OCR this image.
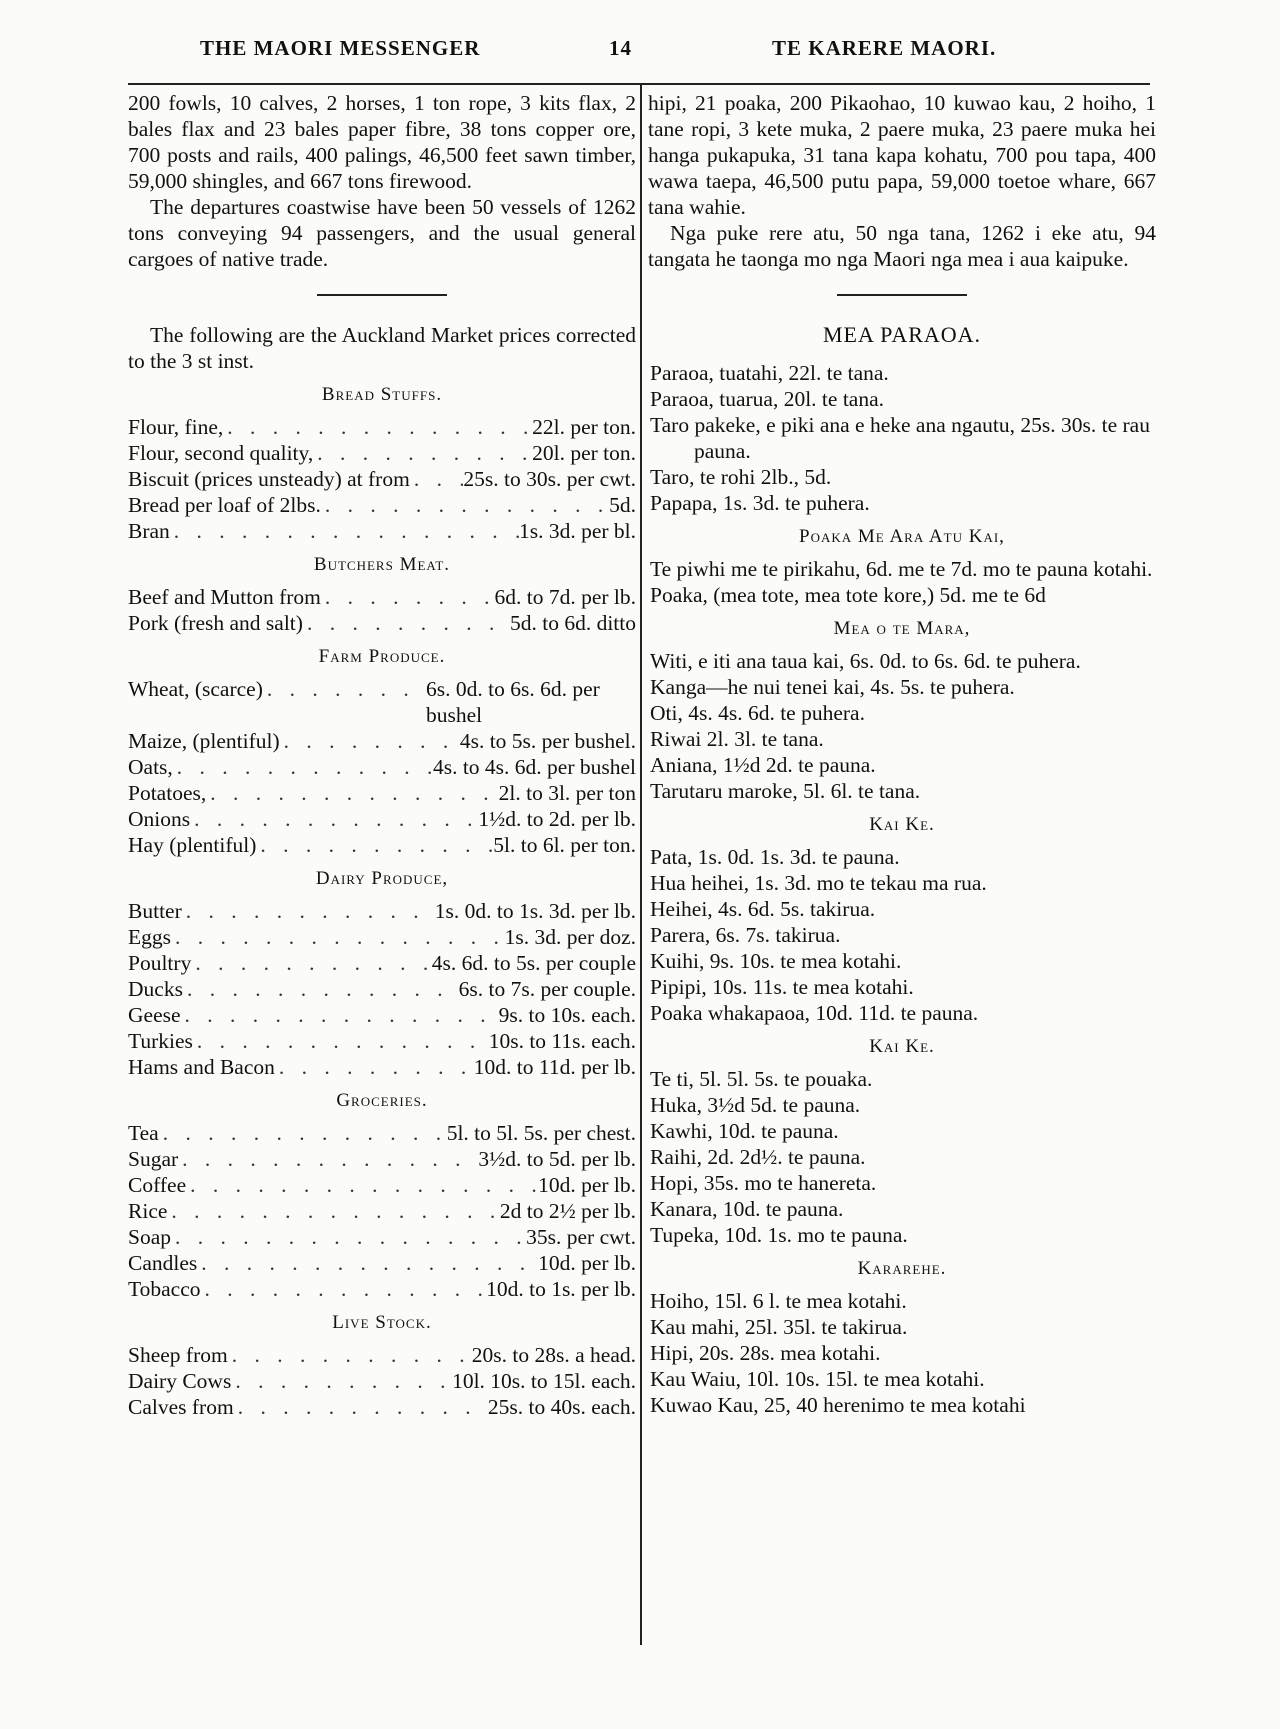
THE MAORI MESSENGER	14	TE KARERE MAORI.

200 fowls, 10 calves, 2 horses, 1 ton rope, 3 kits flax, 2 bales flax and 23 bales paper fibre, 38 tons copper ore, 700 posts and rails, 400 palings, 46,500 feet sawn timber, 59,000 shingles, and 667 tons firewood.

The departures coastwise have been 50 vessels of 1262 tons conveying 94 passengers, and the usual general cargoes of native trade.

The following are the Auckland Market prices corrected to the 3 st inst.

Bread Stuffs.
Flour, fine, . . .	22l. per ton.
Flour, second quality, . . .	20l. per ton.
Biscuit (prices unsteady) at from . . . 25s. to 30s. per cwt.
Bread per loaf of 2lbs. . . .	5d.
Bran . . .	1s. 3d. per bl.
Butchers Meat.
Beef and Mutton from . . .	6d. to 7d. per lb.
Pork (fresh and salt) . . .	5d. to 6d. ditto
Farm Produce.
Wheat, (scarce) . . .	6s. 0d. to 6s. 6d. per bushel
Maize, (plentiful) . . .	4s. to 5s. per bushel.
Oats, . . .	4s. to 4s. 6d. per bushel
Potatoes, . . .	2l. to 3l. per ton
Onions . . .	1½d. to 2d. per lb.
Hay (plentiful) . . .	5l. to 6l. per ton.
Dairy Produce,
Butter . . .	1s. 0d. to 1s. 3d. per lb.
Eggs . . .	1s. 3d. per doz.
Poultry . . .	4s. 6d. to 5s. per couple
Ducks . . .	6s. to 7s. per couple.
Geese . . .	9s. to 10s. each.
Turkies . . .	10s. to 11s. each.
Hams and Bacon . . .	10d. to 11d. per lb.
Groceries.
Tea . . .	5l. to 5l. 5s. per chest.
Sugar . . .	3½d. to 5d. per lb.
Coffee . . .	10d. per lb.
Rice . . .	2d to 2½ per lb.
Soap . . .	35s. per cwt.
Candles . . .	10d. per lb.
Tobacco . . .	10d. to 1s. per lb.
Live Stock.
Sheep from . . .	20s. to 28s. a head.
Dairy Cows . . .	10l. 10s. to 15l. each.
Calves from . . .	25s. to 40s. each.

hipi, 21 poaka, 200 Pikaohao, 10 kuwao kau, 2 hoiho, 1 tane ropi, 3 kete muka, 2 paere muka, 23 paere muka hei hanga pukapuka, 31 tana kapa kohatu, 700 pou tapa, 400 wawa taepa, 46,500 putu papa, 59,000 toetoe whare, 667 tana wahie.

Nga puke rere atu, 50 nga tana, 1262 i eke atu, 94 tangata he taonga mo nga Maori nga mea i aua kaipuke.

MEA PARAOA.

Paraoa, tuatahi, 22l. te tana.

Paraoa, tuarua, 20l. te tana.

Taro pakeke, e piki ana e heke ana ngautu, 25s. 30s. te rau pauna.

Taro, te rohi 2lb., 5d.

Papapa, 1s. 3d. te puhera.

Poaka Me Ara Atu Kai,

Te piwhi me te pirikahu, 6d. me te 7d. mo te pauna kotahi.

Poaka, (mea tote, mea tote kore,) 5d. me te 6d

Mea o te Mara,

Witi, e iti ana taua kai, 6s. 0d. to 6s. 6d. te puhera.

Kanga—he nui tenei kai, 4s. 5s. te puhera.

Oti, 4s. 4s. 6d. te puhera.

Riwai 2l. 3l. te tana.

Aniana, 1½d 2d. te pauna.

Tarutaru maroke, 5l. 6l. te tana.

Kai Ke.

Pata, 1s. 0d. 1s. 3d. te pauna.

Hua heihei, 1s. 3d. mo te tekau ma rua.

Heihei, 4s. 6d. 5s. takirua.

Parera, 6s. 7s. takirua.

Kuihi, 9s. 10s. te mea kotahi.

Pipipi, 10s. 11s. te mea kotahi.

Poaka whakapaoa, 10d. 11d. te pauna.

Kai Ke.

Te ti, 5l. 5l. 5s. te pouaka.

Huka, 3½d 5d. te pauna.

Kawhi, 10d. te pauna.

Raihi, 2d. 2d½. te pauna.

Hopi, 35s. mo te hanereta.

Kanara, 10d. te pauna.

Tupeka, 10d. 1s. mo te pauna.

Kararehe.

Hoiho, 15l. 6 l. te mea kotahi.

Kau mahi, 25l. 35l. te takirua.

Hipi, 20s. 28s. mea kotahi.

Kau Waiu, 10l. 10s. 15l. te mea kotahi.

Kuwao Kau, 25, 40 herenimo te mea kotahi
